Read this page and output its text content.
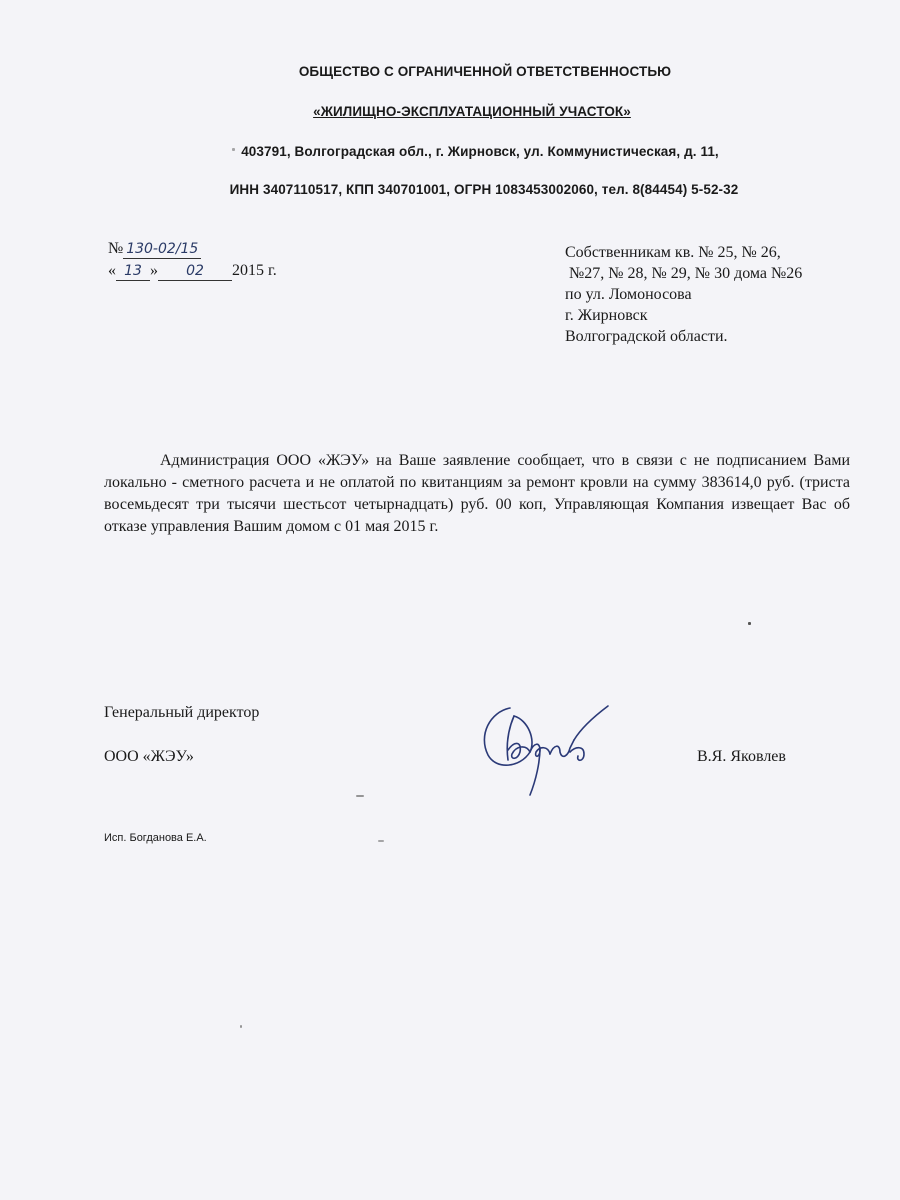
ОБЩЕСТВО С ОГРАНИЧЕННОЙ ОТВЕТСТВЕННОСТЬЮ
«ЖИЛИЩНО-ЭКСПЛУАТАЦИОННЫЙ УЧАСТОК»
403791, Волгоградская обл., г. Жирновск, ул. Коммунистическая, д. 11,
ИНН 3407110517, КПП 340701001, ОГРН 1083453002060, тел. 8(84454) 5-52-32
№ 130-02/15
« 13 » 02 2015 г.
Собственникам кв. № 25, № 26,
№27, № 28, № 29, № 30 дома №26
по ул. Ломоносова
г. Жирновск
Волгоградской области.
Администрация ООО «ЖЭУ» на Ваше заявление сообщает, что в связи с не подписанием Вами локально - сметного расчета и не оплатой по квитанциям за ремонт кровли на сумму 383614,0 руб. (триста восемьдесят три тысячи шестьсот четырнадцать) руб. 00 коп, Управляющая Компания извещает Вас об отказе управления Вашим домом с 01 мая 2015 г.
Генеральный директор
ООО «ЖЭУ»	В.Я. Яковлев
Исп. Богданова Е.А.
